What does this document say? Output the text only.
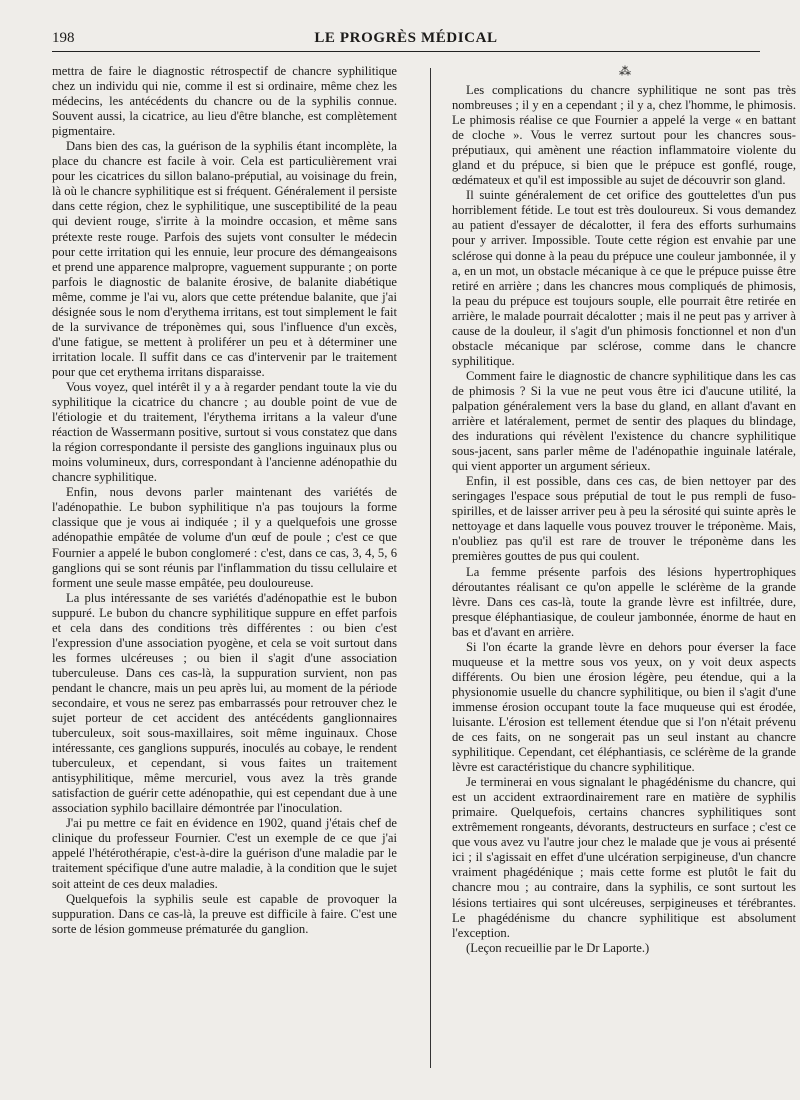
198	LE PROGRÈS MÉDICAL

mettra de faire le diagnostic rétrospectif de chancre syphilitique chez un individu qui nie, comme il est si ordinaire, même chez les médecins, les antécédents du chancre ou de la syphilis connue. Souvent aussi, la cicatrice, au lieu d'être blanche, est complètement pigmentaire.

Dans bien des cas, la guérison de la syphilis étant incomplète, la place du chancre est facile à voir. Cela est particulièrement vrai pour les cicatrices du sillon balano-préputial, au voisinage du frein, là où le chancre syphilitique est si fréquent. Généralement il persiste dans cette région, chez le syphilitique, une susceptibilité de la peau qui devient rouge, s'irrite à la moindre occasion, et même sans prétexte reste rouge. Parfois des sujets vont consulter le médecin pour cette irritation qui les ennuie, leur procure des démangeaisons et prend une apparence malpropre, vaguement suppurante ; on porte parfois le diagnostic de balanite érosive, de balanite diabétique même, comme je l'ai vu, alors que cette prétendue balanite, que j'ai désignée sous le nom d'erythema irritans, est tout simplement le fait de la survivance de tréponèmes qui, sous l'influence d'un excès, d'une fatigue, se mettent à proliférer un peu et à déterminer une irritation locale. Il suffit dans ce cas d'intervenir par le traitement pour que cet erythema irritans disparaisse.

Vous voyez, quel intérêt il y a à regarder pendant toute la vie du syphilitique la cicatrice du chancre ; au double point de vue de l'étiologie et du traitement, l'érythema irritans a la valeur d'une réaction de Wassermann positive, surtout si vous constatez que dans la région correspondante il persiste des ganglions inguinaux plus ou moins volumineux, durs, correspondant à l'ancienne adénopathie du chancre syphilitique.

Enfin, nous devons parler maintenant des variétés de l'adénopathie. Le bubon syphilitique n'a pas toujours la forme classique que je vous ai indiquée ; il y a quelquefois une grosse adénopathie empâtée de volume d'un œuf de poule ; c'est ce que Fournier a appelé le bubon conglomeré : c'est, dans ce cas, 3, 4, 5, 6 ganglions qui se sont réunis par l'inflammation du tissu cellulaire et forment une seule masse empâtée, peu douloureuse.

La plus intéressante de ses variétés d'adénopathie est le bubon suppuré. Le bubon du chancre syphilitique suppure en effet parfois et cela dans des conditions très différentes : ou bien c'est l'expression d'une association pyogène, et cela se voit surtout dans les formes ulcéreuses ; ou bien il s'agit d'une association tuberculeuse. Dans ces cas-là, la suppuration survient, non pas pendant le chancre, mais un peu après lui, au moment de la période secondaire, et vous ne serez pas embarrassés pour retrouver chez le sujet porteur de cet accident des antécédents ganglionnaires tuberculeux, soit sous-maxillaires, soit même inguinaux. Chose intéressante, ces ganglions suppurés, inoculés au cobaye, le rendent tuberculeux, et cependant, si vous faites un traitement antisyphilitique, même mercuriel, vous avez la très grande satisfaction de guérir cette adénopathie, qui est cependant due à une association syphilo bacillaire démontrée par l'inoculation.

J'ai pu mettre ce fait en évidence en 1902, quand j'étais chef de clinique du professeur Fournier. C'est un exemple de ce que j'ai appelé l'hétérothérapie, c'est-à-dire la guérison d'une maladie par le traitement spécifique d'une autre maladie, à la condition que le sujet soit atteint de ces deux maladies.

Quelquefois la syphilis seule est capable de provoquer la suppuration. Dans ce cas-là, la preuve est difficile à faire. C'est une sorte de lésion gommeuse prématurée du ganglion.

⁂

Les complications du chancre syphilitique ne sont pas très nombreuses ; il y en a cependant ; il y a, chez l'homme, le phimosis. Le phimosis réalise ce que Fournier a appelé la verge « en battant de cloche ». Vous le verrez surtout pour les chancres sous-préputiaux, qui amènent une réaction inflammatoire violente du gland et du prépuce, si bien que le prépuce est gonflé, rouge, œdémateux et qu'il est impossible au sujet de découvrir son gland.

Il suinte généralement de cet orifice des gouttelettes d'un pus horriblement fétide. Le tout est très douloureux. Si vous demandez au patient d'essayer de décalotter, il fera des efforts surhumains pour y arriver. Impossible. Toute cette région est envahie par une sclérose qui donne à la peau du prépuce une couleur jambonnée, il y a, en un mot, un obstacle mécanique à ce que le prépuce puisse être retiré en arrière ; dans les chancres mous compliqués de phimosis, la peau du prépuce est toujours souple, elle pourrait être retirée en arrière, le malade pourrait décalotter ; mais il ne peut pas y arriver à cause de la douleur, il s'agit d'un phimosis fonctionnel et non d'un obstacle mécanique par sclérose, comme dans le chancre syphilitique.

Comment faire le diagnostic de chancre syphilitique dans les cas de phimosis ? Si la vue ne peut vous être ici d'aucune utilité, la palpation généralement vers la base du gland, en allant d'avant en arrière et latéralement, permet de sentir des plaques du blindage, des indurations qui révèlent l'existence du chancre syphilitique sous-jacent, sans parler même de l'adénopathie inguinale latérale, qui vient apporter un argument sérieux.

Enfin, il est possible, dans ces cas, de bien nettoyer par des seringages l'espace sous préputial de tout le pus rempli de fuso-spirilles, et de laisser arriver peu à peu la sérosité qui suinte après le nettoyage et dans laquelle vous pouvez trouver le tréponème. Mais, n'oubliez pas qu'il est rare de trouver le tréponème dans les premières gouttes de pus qui coulent.

La femme présente parfois des lésions hypertrophiques déroutantes réalisant ce qu'on appelle le sclérème de la grande lèvre. Dans ces cas-là, toute la grande lèvre est infiltrée, dure, presque éléphantiasique, de couleur jambonnée, énorme de haut en bas et d'avant en arrière.

Si l'on écarte la grande lèvre en dehors pour éverser la face muqueuse et la mettre sous vos yeux, on y voit deux aspects différents. Ou bien une érosion légère, peu étendue, qui a la physionomie usuelle du chancre syphilitique, ou bien il s'agit d'une immense érosion occupant toute la face muqueuse qui est érodée, luisante. L'érosion est tellement étendue que si l'on n'était prévenu de ces faits, on ne songerait pas un seul instant au chancre syphilitique. Cependant, cet éléphantiasis, ce sclérème de la grande lèvre est caractéristique du chancre syphilitique.

Je terminerai en vous signalant le phagédénisme du chancre, qui est un accident extraordinairement rare en matière de syphilis primaire. Quelquefois, certains chancres syphilitiques sont extrêmement rongeants, dévorants, destructeurs en surface ; c'est ce que vous avez vu l'autre jour chez le malade que je vous ai présenté ici ; il s'agissait en effet d'une ulcération serpigineuse, d'un chancre vraiment phagédénique ; mais cette forme est plutôt le fait du chancre mou ; au contraire, dans la syphilis, ce sont surtout les lésions tertiaires qui sont ulcéreuses, serpigineuses et térébrantes. Le phagédénisme du chancre syphilitique est absolument l'exception.

(Leçon recueillie par le Dr Laporte.)
